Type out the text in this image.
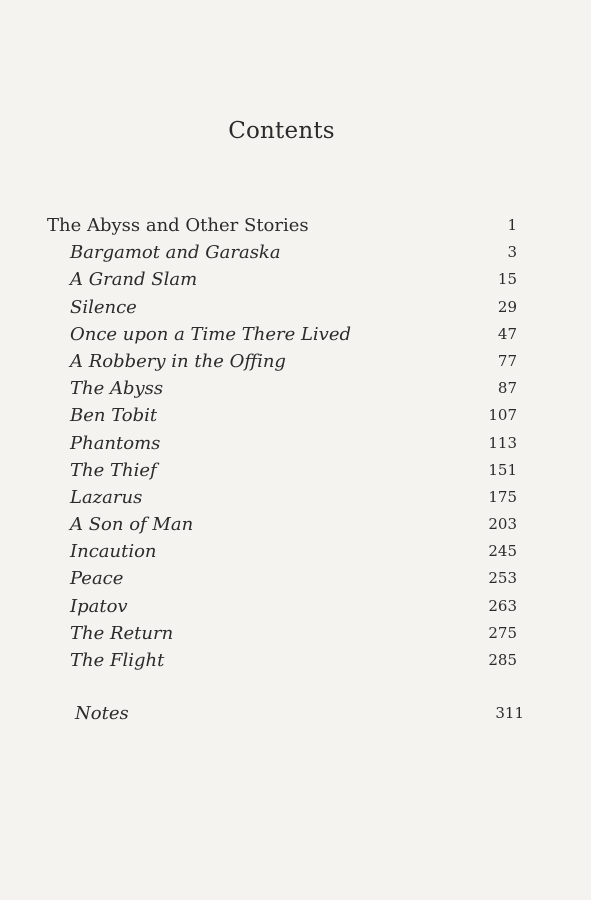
Contents
The Abyss and Other Stories	1
Bargamot and Garaska	3
A Grand Slam	15
Silence	29
Once upon a Time There Lived	47
A Robbery in the Offing	77
The Abyss	87
Ben Tobit	107
Phantoms	113
The Thief	151
Lazarus	175
A Son of Man	203
Incaution	245
Peace	253
Ipatov	263
The Return	275
The Flight	285
Notes	311
